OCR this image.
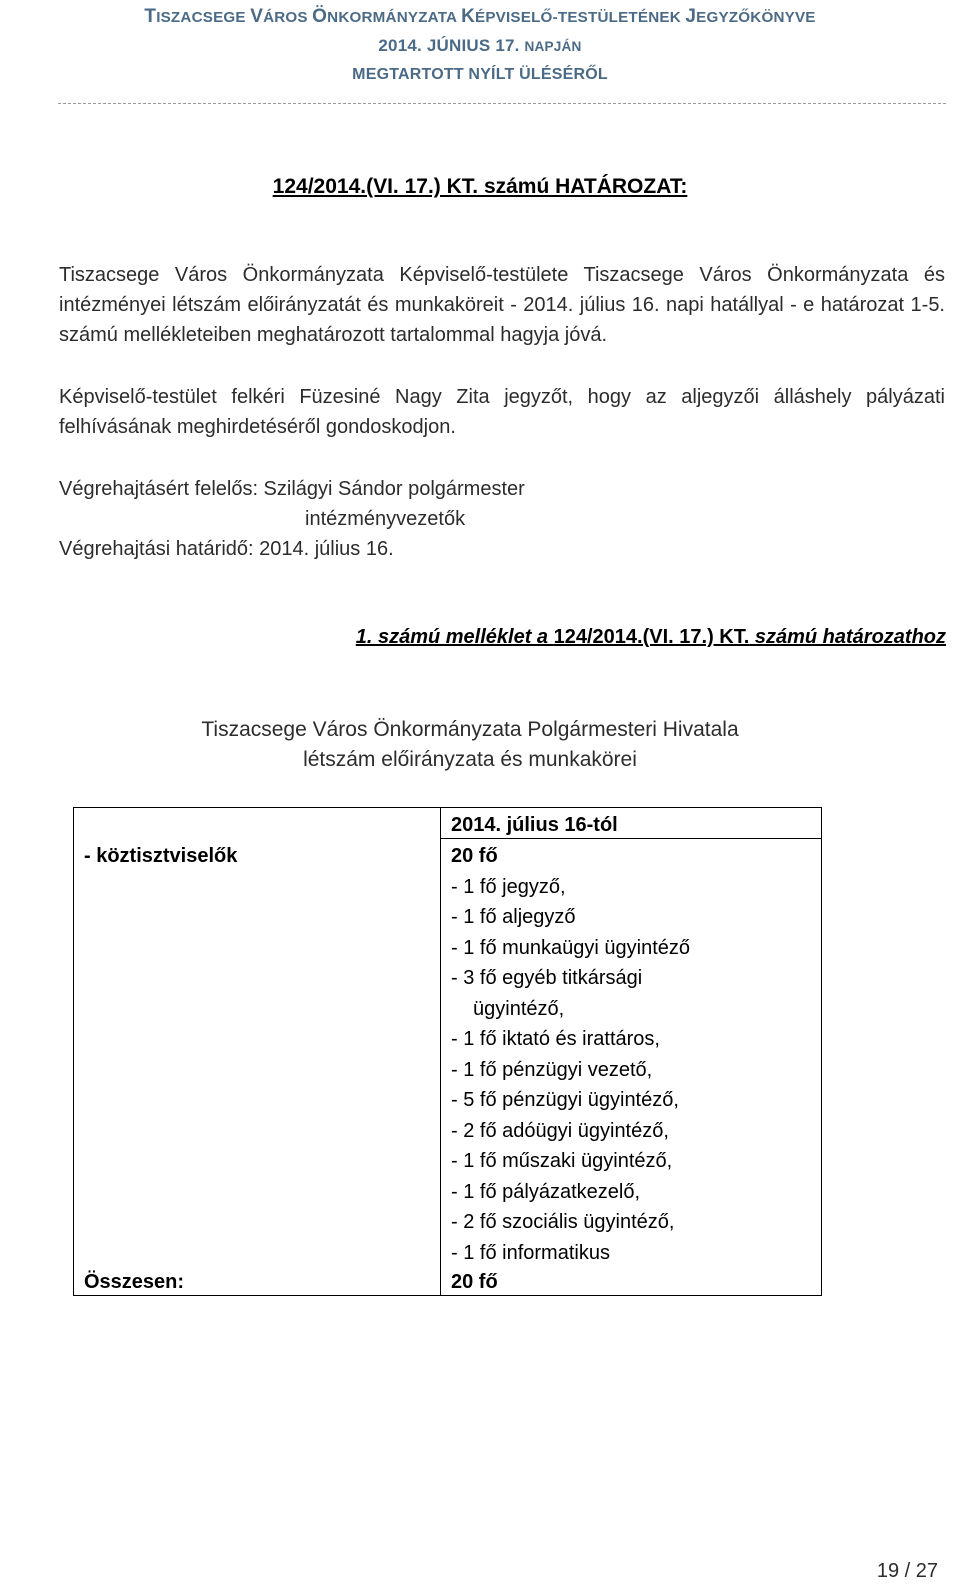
TISZACSEGE VÁROS ÖNKORMÁNYZATA KÉPVISELŐ-TESTÜLETÉNEK JEGYZŐKÖNYVE
2014. JÚNIUS 17. NAPJÁN
MEGTARTOTT NYÍLT ÜLÉSÉRŐL
124/2014.(VI. 17.) KT. számú HATÁROZAT:
Tiszacsege Város Önkormányzata Képviselő-testülete Tiszacsege Város Önkormányzata és intézményei létszám előirányzatát és munkaköreit - 2014. július 16. napi hatállyal - e határozat 1-5. számú mellékleteiben meghatározott tartalommal hagyja jóvá.
Képviselő-testület felkéri Füzesiné Nagy Zita jegyzőt, hogy az aljegyzői álláshely pályázati felhívásának meghirdetéséről gondoskodjon.
Végrehajtásért felelős: Szilágyi Sándor polgármester
intézményvezetők
Végrehajtási határidő: 2014. július 16.
1. számú melléklet a 124/2014.(VI. 17.) KT. számú határozathoz
Tiszacsege Város Önkormányzata Polgármesteri Hivatala
létszám előirányzata és munkakörei
2014. július 16-tól
- köztisztviselők	20 fő
- 1 fő jegyző,
- 1 fő aljegyző
- 1 fő munkaügyi ügyintéző
- 3 fő egyéb titkársági
ügyintéző,
- 1 fő iktató és irattáros,
- 1 fő pénzügyi vezető,
- 5 fő pénzügyi ügyintéző,
- 2 fő adóügyi ügyintéző,
- 1 fő műszaki ügyintéző,
- 1 fő pályázatkezelő,
- 2 fő szociális ügyintéző,
- 1 fő informatikus
Összesen:	20 fő
19 / 27
